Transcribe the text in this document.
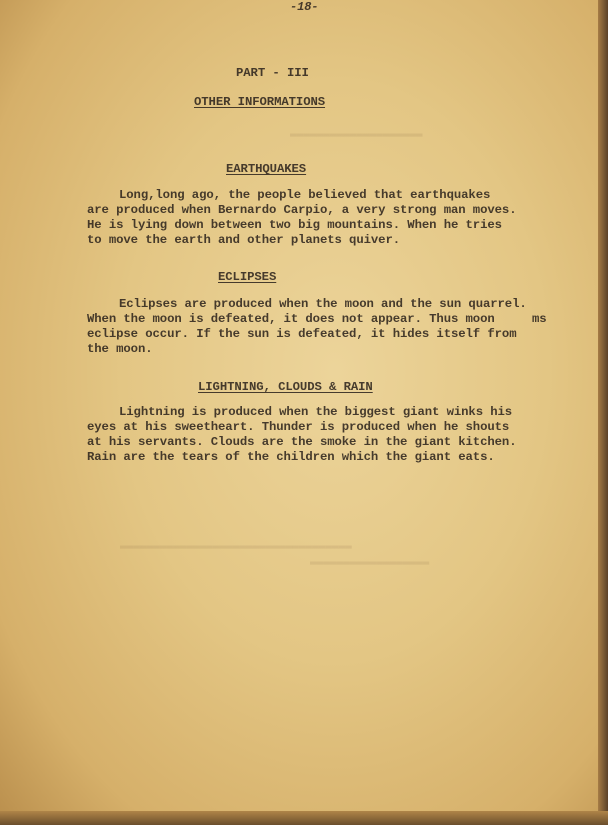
▬▬▬▬▬▬▬▬▬▬▬▬▬▬▬▬▬▬▬▬
▬▬▬▬▬▬▬▬▬▬▬▬▬▬▬▬▬▬▬▬▬▬▬▬▬▬▬▬▬▬▬▬▬▬▬
▬▬▬▬▬▬▬▬▬▬▬▬▬▬▬▬▬▬
-18-
PART - III
OTHER INFORMATIONS
EARTHQUAKES
Long,long ago, the people believed that earthquakes
are produced when Bernardo Carpio, a very strong man moves.
He is lying down between two big mountains. When he tries
to move the earth and other planets quiver.
ECLIPSES
Eclipses are produced when the moon and the sun quarrel.
When the moon is defeated, it does not appear. Thus moon	ms
eclipse occur. If the sun is defeated, it hides itself from
the moon.
LIGHTNING, CLOUDS & RAIN
Lightning is produced when the biggest giant winks his
eyes at his sweetheart. Thunder is produced when he shouts
at his servants. Clouds are the smoke in the giant kitchen.
Rain are the tears of the children which the giant eats.
